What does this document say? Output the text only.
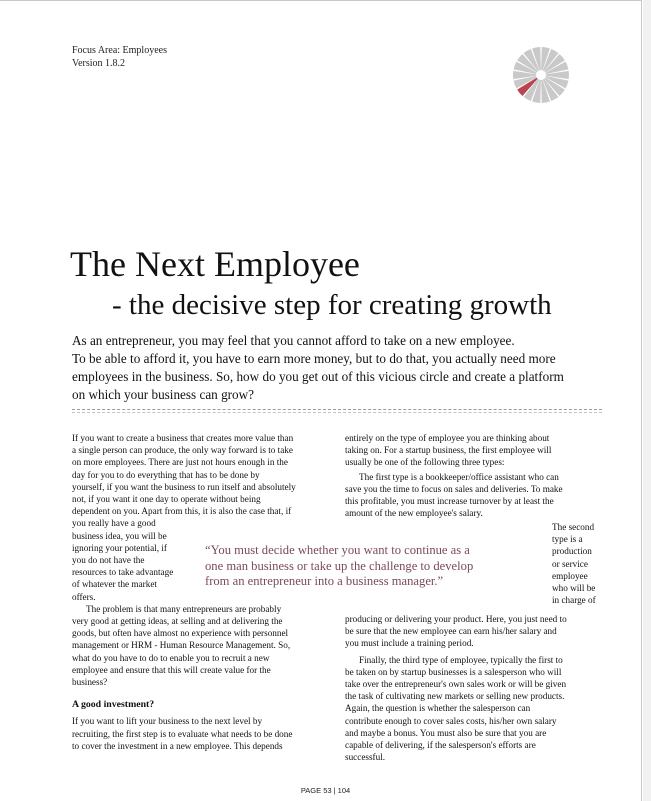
Focus Area: Employees
Version 1.8.2
The Next Employee
- the decisive step for creating growth

As an entrepreneur, you may feel that you cannot afford to take on a new employee.

To be able to afford it, you have to earn more money, but to do that, you actually need more
employees in the business. So, how do you get out of this vicious circle and create a platform
on which your business can grow?
If you want to create a business that creates more value than
a single person can produce, the only way forward is to take
on more employees. There are just not hours enough in the
day for you to do everything that has to be done by
yourself, if you want the business to run itself and absolutely
not, if you want it one day to operate without being
dependent on you. Apart from this, it is also the case that, if
you really have a good
business idea, you will be
ignoring your potential, if
you do not have the
resources to take advantage
of whatever the market
offers.
The problem is that many entrepreneurs are probably
very good at getting ideas, at selling and at delivering the
goods, but often have almost no experience with personnel
management or HRM - Human Resource Management. So,
what do you have to do to enable you to recruit a new
employee and ensure that this will create value for the
business?
A good investment?
If you want to lift your business to the next level by
recruiting, the first step is to evaluate what needs to be done
to cover the investment in a new employee. This depends
entirely on the type of employee you are thinking about
taking on. For a startup business, the first employee will
usually be one of the following three types:
The first type is a bookkeeper/office assistant who can
save you the time to focus on sales and deliveries. To make
this profitable, you must increase turnover by at least the
amount of the new employee's salary.
The second
type is a
production
or service
employee
who will be
in charge of
producing or delivering your product. Here, you just need to
be sure that the new employee can earn his/her salary and
you must include a training period.
Finally, the third type of employee, typically the first to
be taken on by startup businesses is a salesperson who will
take over the entrepreneur's own sales work or will be given
the task of cultivating new markets or selling new products.
Again, the question is whether the salesperson can
contribute enough to cover sales costs, his/her own salary
and maybe a bonus. You must also be sure that you are
capable of delivering, if the salesperson's efforts are
successful.
“You must decide whether you want to continue as a
one man business or take up the challenge to develop
from an entrepreneur into a business manager.”
PAGE 53 | 104
